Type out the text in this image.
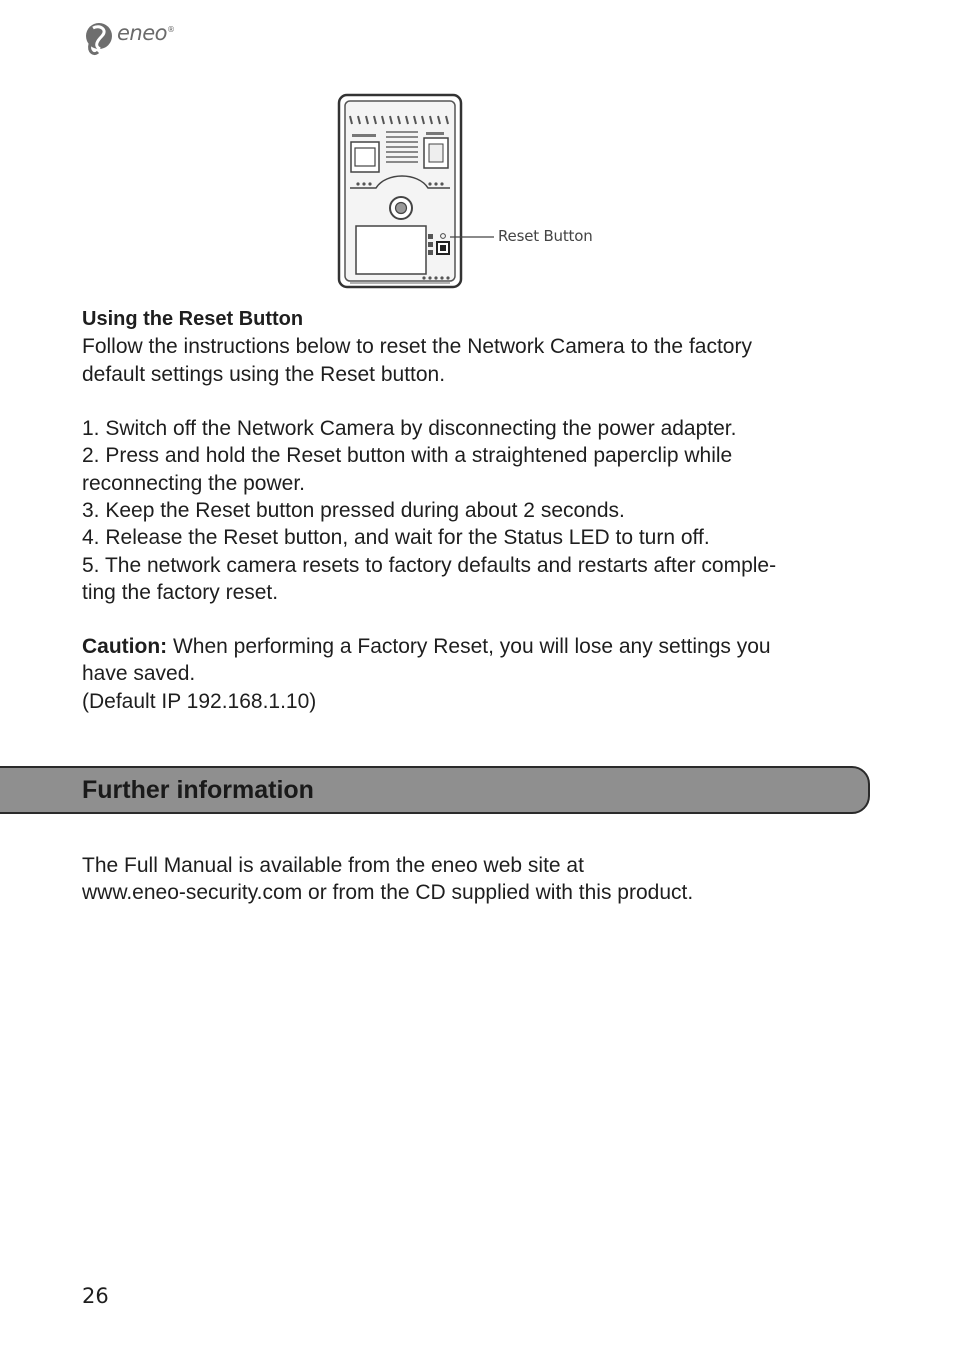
eneo®
Reset Button
Using the Reset Button
Follow the instructions below to reset the Network Camera to the factory
default settings using the Reset button.
1. Switch off the Network Camera by disconnecting the power adapter.
2. Press and hold the Reset button with a straightened paperclip while
reconnecting the power.
3. Keep the Reset button pressed during about 2 seconds.
4. Release the Reset button, and wait for the Status LED to turn off.
5. The network camera resets to factory defaults and restarts after comple-
ting the factory reset.
Caution: When performing a Factory Reset, you will lose any settings you
have saved.
(Default IP 192.168.1.10)
Further information
The Full Manual is available from the eneo web site at
www.eneo-security.com or from the CD supplied with this product.
26
